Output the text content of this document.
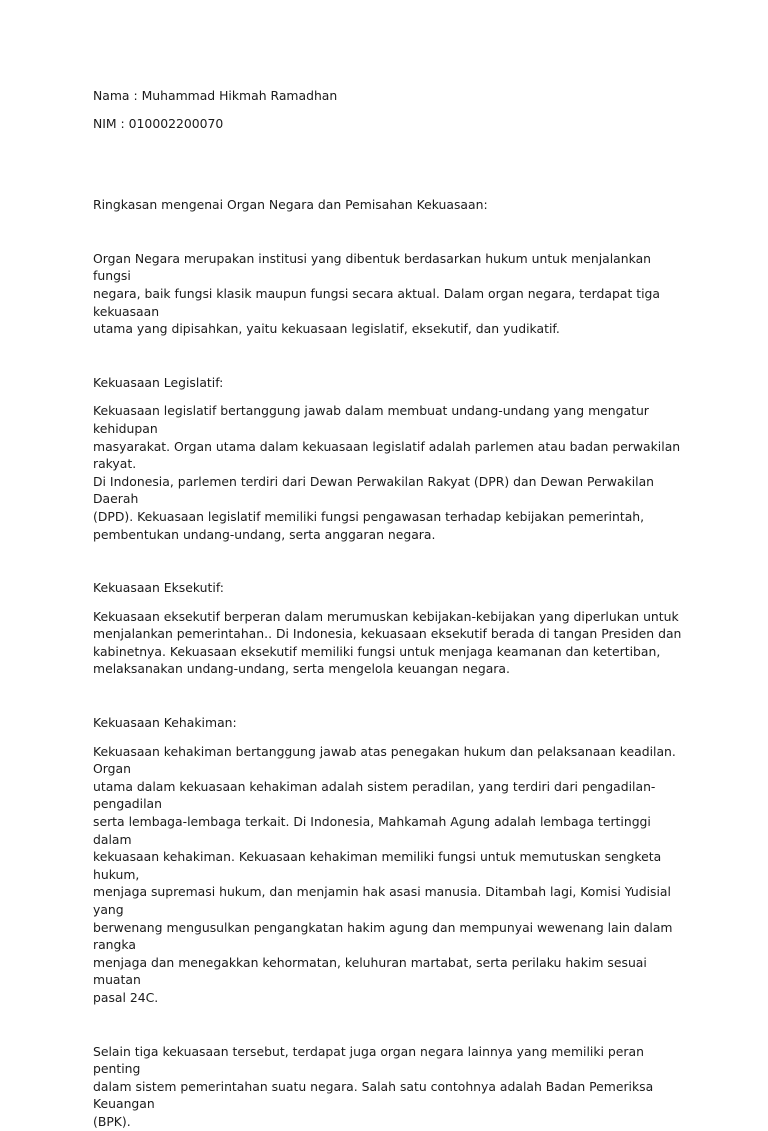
Nama : Muhammad Hikmah Ramadhan

NIM : 010002200070

Ringkasan mengenai Organ Negara dan Pemisahan Kekuasaan:

Organ Negara merupakan institusi yang dibentuk berdasarkan hukum untuk menjalankan fungsi
negara, baik fungsi klasik maupun fungsi secara aktual. Dalam organ negara, terdapat tiga kekuasaan
utama yang dipisahkan, yaitu kekuasaan legislatif, eksekutif, dan yudikatif.

Kekuasaan Legislatif:

Kekuasaan legislatif bertanggung jawab dalam membuat undang-undang yang mengatur kehidupan
masyarakat. Organ utama dalam kekuasaan legislatif adalah parlemen atau badan perwakilan rakyat.
Di Indonesia, parlemen terdiri dari Dewan Perwakilan Rakyat (DPR) dan Dewan Perwakilan Daerah
(DPD). Kekuasaan legislatif memiliki fungsi pengawasan terhadap kebijakan pemerintah,
pembentukan undang-undang, serta anggaran negara.

Kekuasaan Eksekutif:

Kekuasaan eksekutif berperan dalam merumuskan kebijakan-kebijakan yang diperlukan untuk
menjalankan pemerintahan.. Di Indonesia, kekuasaan eksekutif berada di tangan Presiden dan
kabinetnya. Kekuasaan eksekutif memiliki fungsi untuk menjaga keamanan dan ketertiban,
melaksanakan undang-undang, serta mengelola keuangan negara.

Kekuasaan Kehakiman:

Kekuasaan kehakiman bertanggung jawab atas penegakan hukum dan pelaksanaan keadilan. Organ
utama dalam kekuasaan kehakiman adalah sistem peradilan, yang terdiri dari pengadilan-pengadilan
serta lembaga-lembaga terkait. Di Indonesia, Mahkamah Agung adalah lembaga tertinggi dalam
kekuasaan kehakiman. Kekuasaan kehakiman memiliki fungsi untuk memutuskan sengketa hukum,
menjaga supremasi hukum, dan menjamin hak asasi manusia. Ditambah lagi, Komisi Yudisial yang
berwenang mengusulkan pengangkatan hakim agung dan mempunyai wewenang lain dalam rangka
menjaga dan menegakkan kehormatan, keluhuran martabat, serta perilaku hakim sesuai muatan
pasal 24C.

Selain tiga kekuasaan tersebut, terdapat juga organ negara lainnya yang memiliki peran penting
dalam sistem pemerintahan suatu negara. Salah satu contohnya adalah Badan Pemeriksa Keuangan
(BPK).
